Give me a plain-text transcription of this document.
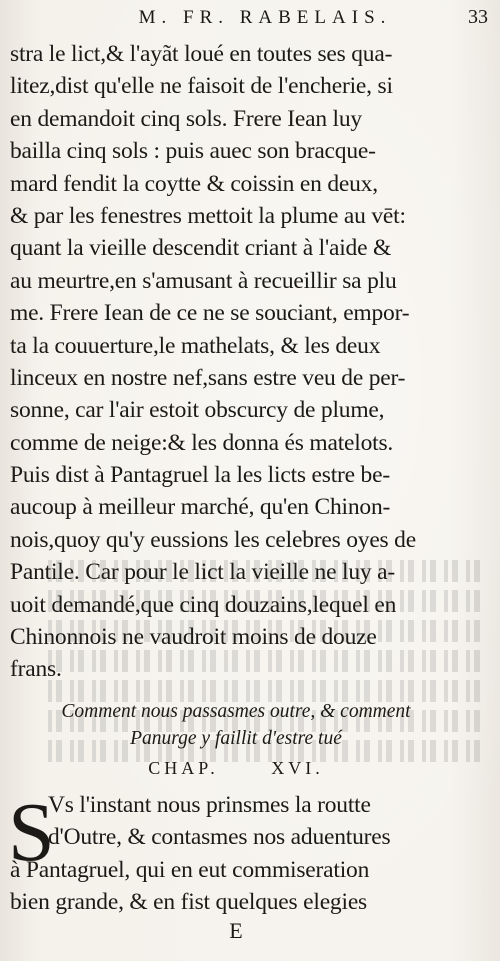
M. FR. RABELAIS.	33
stra le lict,& l'ayãt loué en toutes ses qua-
litez,dist qu'elle ne faisoit de l'encherie, si
en demandoit cinq sols. Frere Iean luy
bailla cinq sols : puis auec son bracque-
mard fendit la coytte & coissin en deux,
& par les fenestres mettoit la plume au vēt:
quant la vieille descendit criant à l'aide &
au meurtre,en s'amusant à recueillir sa plu
me. Frere Iean de ce ne se souciant, empor-
ta la couuerture,le mathelats, & les deux
linceux en nostre nef,sans estre veu de per-
sonne, car l'air estoit obscurcy de plume,
comme de neige:& les donna és matelots.
Puis dist à Pantagruel la les licts estre be-
aucoup à meilleur marché, qu'en Chinon-
nois,quoy qu'y eussions les celebres oyes de
Pantile. Car pour le lict la vieille ne luy a-
uoit demandé,que cinq douzains,lequel en
Chinonnois ne vaudroit moins de douze
frans.
Comment nous passasmes outre, & comment
Panurge y faillit d'estre tué
CHAP.	XVI.
S
Vs l'instant nous prinsmes la routte
d'Outre, & contasmes nos aduentures
à Pantagruel, qui en eut commiseration
bien grande, & en fist quelques elegies
E
